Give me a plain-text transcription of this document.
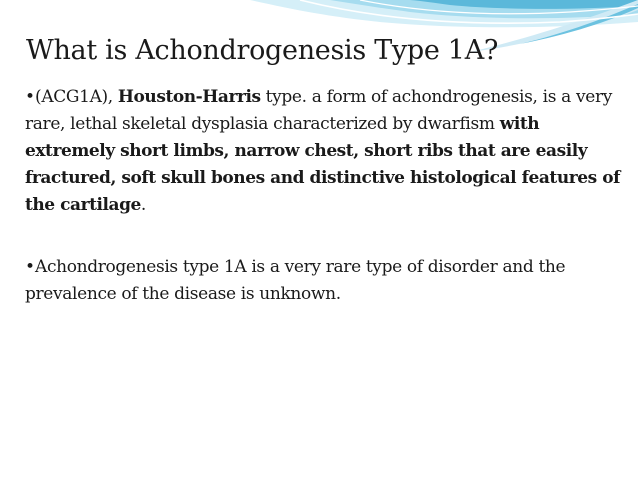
What is Achondrogenesis Type 1A?

•(ACG1A), Houston-Harris type. a form of achondrogenesis, is a very rare, lethal skeletal dysplasia characterized by dwarfism with extremely short limbs, narrow chest, short ribs that are easily fractured, soft skull bones and distinctive histological features of the cartilage.

•Achondrogenesis type 1A is a very rare type of disorder and the prevalence of the disease is unknown.
